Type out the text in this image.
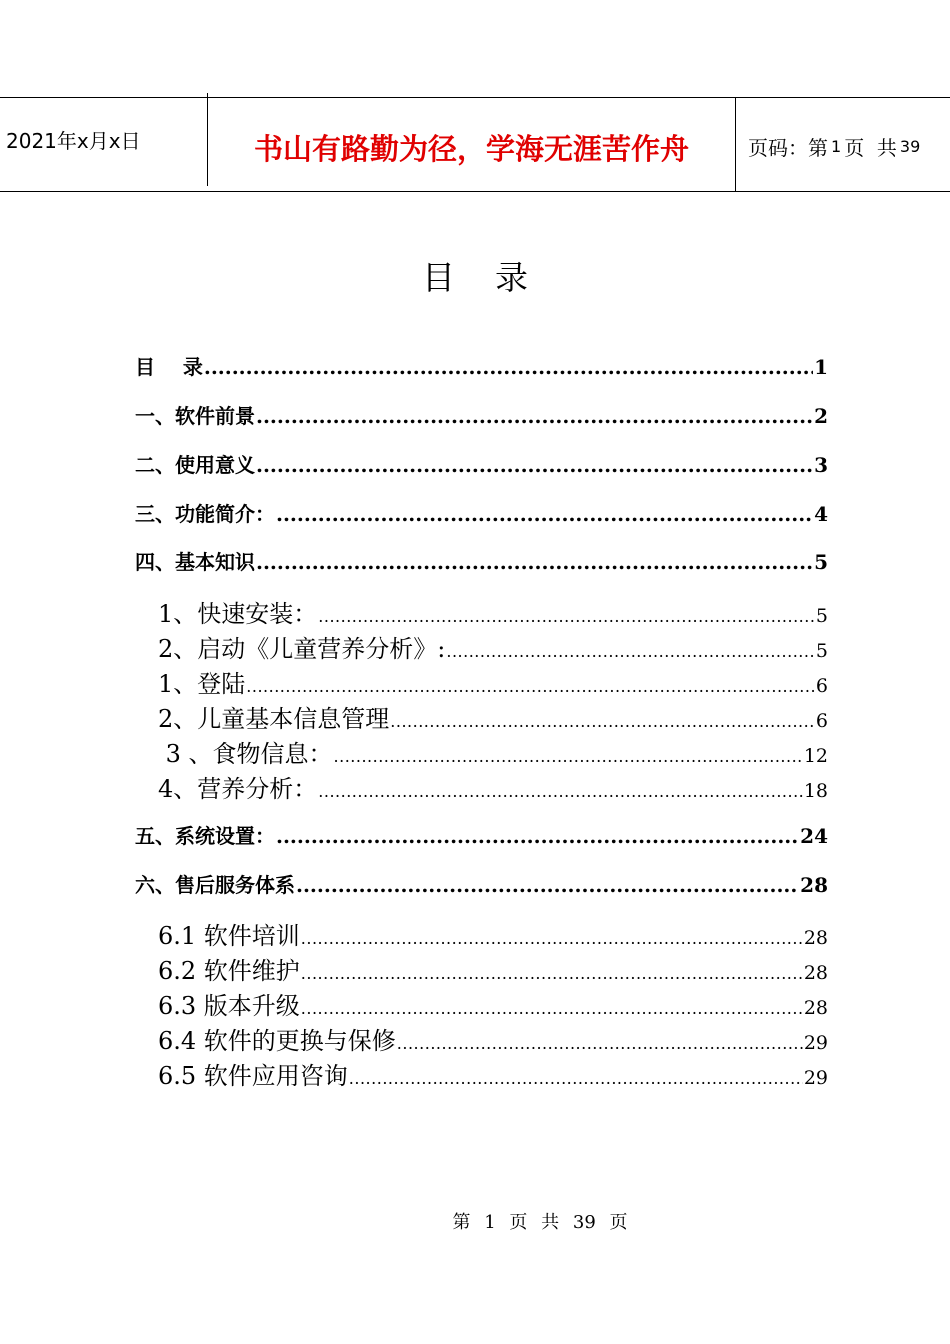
2021年x月x日	书山有路勤为径，学海无涯苦作舟	页码：第 1 页  共 39
目录
目    录 .....	1
一、软件前景 .....	2
二、使用意义 .....	3
三、功能简介： .....	4
四、基本知识 .....	5
1、快速安装： .....	5
2、启动《儿童营养分析》: .....	5
1、登陆 .....	6
2、儿童基本信息管理 .....	6
3 、食物信息： .....	12
4、营养分析： .....	18
五、系统设置： .....	24
六、售后服务体系 .....	28
6.1 软件培训 .....	28
6.2 软件维护 .....	28
6.3 版本升级 .....	28
6.4 软件的更换与保修 .....	29
6.5 软件应用咨询 .....	29
第 1 页 共 39 页
